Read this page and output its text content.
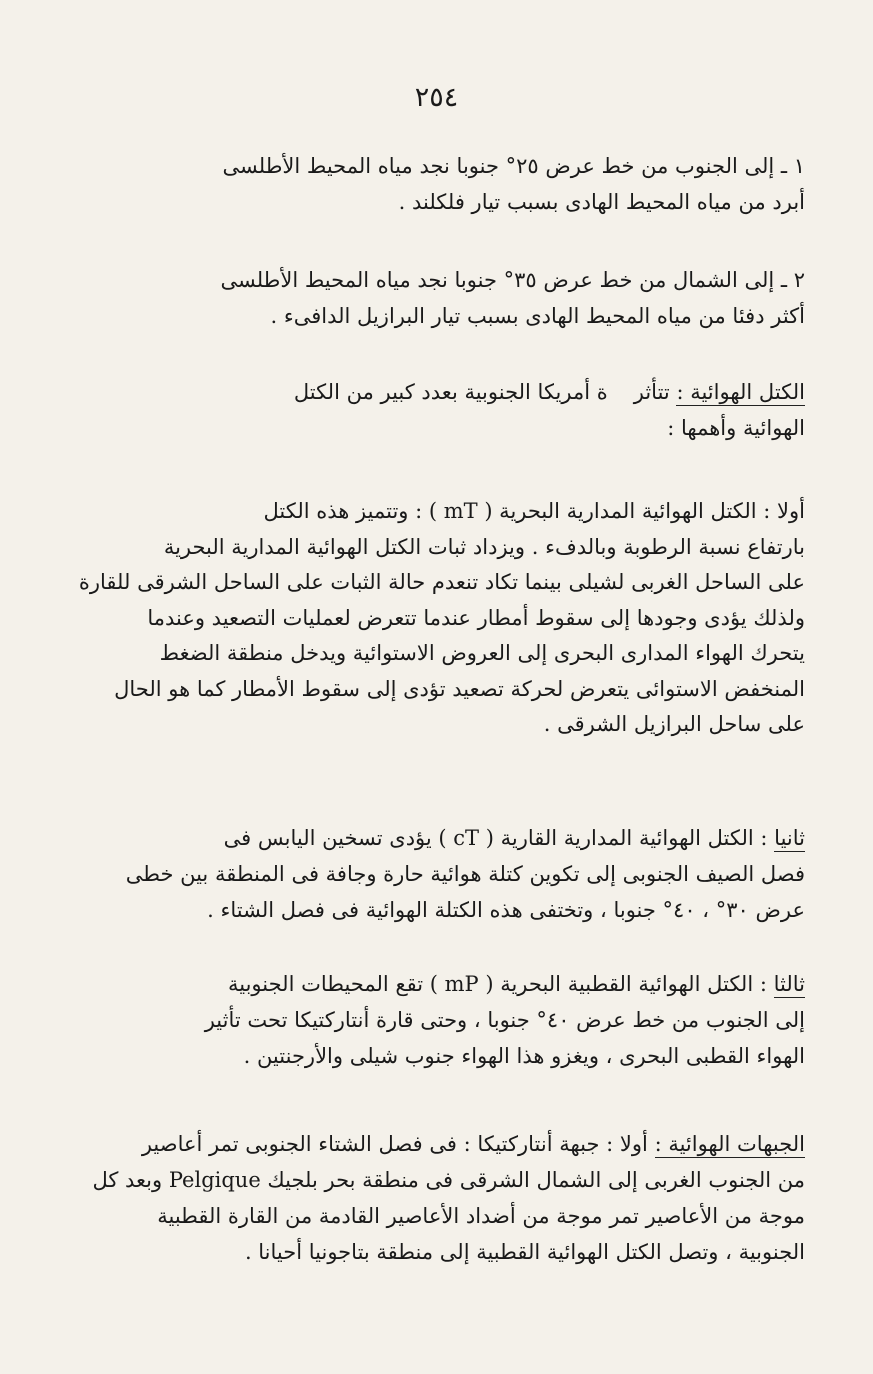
٢٥٤
١ ـ إلى الجنوب من خط عرض ٢٥° جنوبا نجد مياه المحيط الأطلسى
أبرد من مياه المحيط الهادى بسبب تيار فلكلند .
٢ ـ إلى الشمال من خط عرض ٣٥° جنوبا نجد مياه المحيط الأطلسى
أكثر دفئا من مياه المحيط الهادى بسبب تيار البرازيل الدافىء .
الكتل الهوائية : تتأثرة أمريكا الجنوبية بعدد كبير من الكتل
الهوائية وأهمها :
أولا : الكتل الهوائية المدارية البحرية ( mT ) : وتتميز هذه الكتل
بارتفاع نسبة الرطوبة وبالدفء . ويزداد ثبات الكتل الهوائية المدارية البحرية
على الساحل الغربى لشيلى بينما تكاد تنعدم حالة الثبات على الساحل الشرقى للقارة
ولذلك يؤدى وجودها إلى سقوط أمطار عندما تتعرض لعمليات التصعيد وعندما
يتحرك الهواء المدارى البحرى إلى العروض الاستوائية ويدخل منطقة الضغط
المنخفض الاستوائى يتعرض لحركة تصعيد تؤدى إلى سقوط الأمطار كما هو الحال
على ساحل البرازيل الشرقى .
ثانيا : الكتل الهوائية المدارية القارية ( cT ) يؤدى تسخين اليابس فى
فصل الصيف الجنوبى إلى تكوين كتلة هوائية حارة وجافة فى المنطقة بين خطى
عرض ٣٠° ، ٤٠° جنوبا ، وتختفى هذه الكتلة الهوائية فى فصل الشتاء .
ثالثا : الكتل الهوائية القطبية البحرية ( mP ) تقع المحيطات الجنوبية
إلى الجنوب من خط عرض ٤٠° جنوبا ، وحتى قارة أنتاركتيكا تحت تأثير
الهواء القطبى البحرى ، ويغزو هذا الهواء جنوب شيلى والأرجنتين .
الجبهات الهوائية : أولا : جبهة أنتاركتيكا : فى فصل الشتاء الجنوبى تمر أعاصير
من الجنوب الغربى إلى الشمال الشرقى فى منطقة بحر بلجيك Pelgique وبعد كل
موجة من الأعاصير تمر موجة من أضداد الأعاصير القادمة من القارة القطبية
الجنوبية ، وتصل الكتل الهوائية القطبية إلى منطقة بتاجونيا أحيانا .
